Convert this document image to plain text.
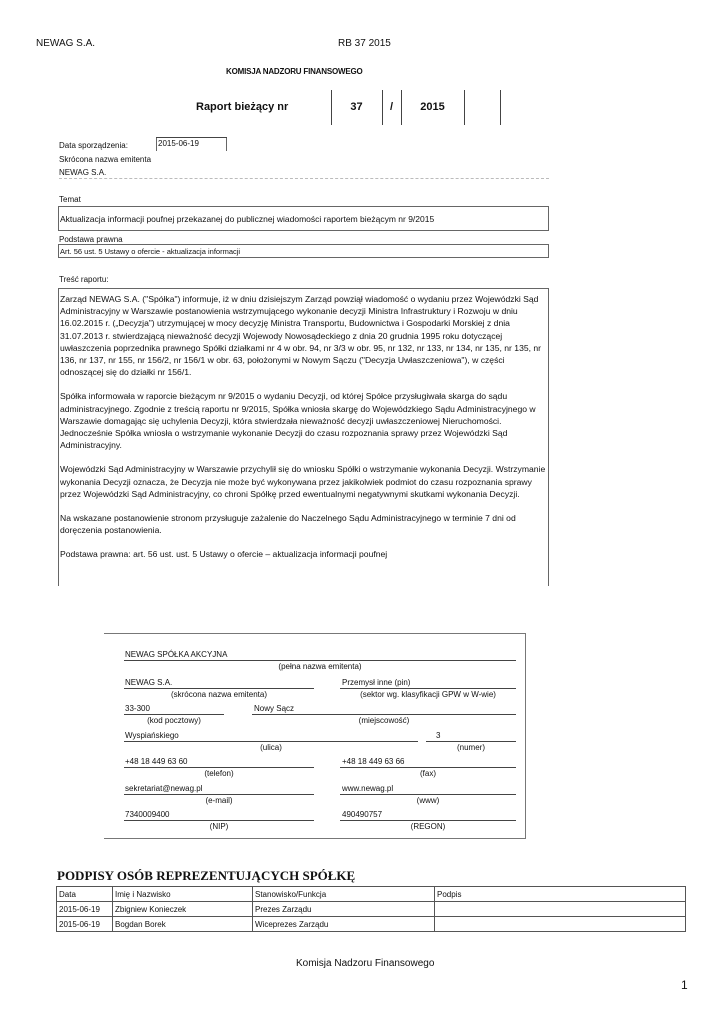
NEWAG S.A.	RB 37 2015
KOMISJA NADZORU FINANSOWEGO
Raport bieżący nr	37	/	2015
Data sporządzenia:	2015-06-19
Skrócona nazwa emitenta
NEWAG S.A.
Temat
Aktualizacja informacji poufnej przekazanej do publicznej wiadomości raportem bieżącym nr 9/2015
Podstawa prawna
Art. 56 ust. 5 Ustawy o ofercie - aktualizacja informacji
Treść raportu:

Zarząd NEWAG S.A. ("Spółka") informuje, iż w dniu dzisiejszym Zarząd powziął wiadomość o wydaniu przez Wojewódzki Sąd Administracyjny w Warszawie postanowienia wstrzymującego wykonanie decyzji Ministra Infrastruktury i Rozwoju w dniu 16.02.2015 r. („Decyzja”) utrzymującej w mocy decyzję Ministra Transportu, Budownictwa i Gospodarki Morskiej z dnia 31.07.2013 r. stwierdzającą nieważność decyzji Wojewody Nowosądeckiego z dnia 20 grudnia 1995 roku dotyczącej uwłaszczenia poprzednika prawnego Spółki działkami nr 4 w obr. 94, nr 3/3 w obr. 95, nr 132, nr 133, nr 134, nr 135, nr 135, nr 136, nr 137, nr 155, nr 156/2, nr 156/1 w obr. 63, położonymi w Nowym Sączu ("Decyzja Uwłaszczeniowa"), w części odnoszącej się do działki nr 156/1.

Spółka informowała w raporcie bieżącym nr 9/2015 o wydaniu Decyzji, od której Spółce przysługiwała skarga do sądu administracyjnego. Zgodnie z treścią raportu nr 9/2015, Spółka wniosła skargę do Wojewódzkiego Sądu Administracyjnego w Warszawie domagając się uchylenia Decyzji, która stwierdzała nieważność decyzji uwłaszczeniowej Nieruchomości. Jednocześnie Spółka wniosła o wstrzymanie wykonanie Decyzji do czasu rozpoznania sprawy przez Wojewódzki Sąd Administracyjny.

Wojewódzki Sąd Administracyjny w Warszawie przychylił się do wniosku Spółki o wstrzymanie wykonania Decyzji. Wstrzymanie wykonania Decyzji oznacza, że Decyzja nie może być wykonywana przez jakikolwiek podmiot do czasu rozpoznania sprawy przez Wojewódzki Sąd Administracyjny, co chroni Spółkę przed ewentualnymi negatywnymi skutkami wykonania Decyzji.

Na wskazane postanowienie stronom przysługuje zażalenie do Naczelnego Sądu Administracyjnego w terminie 7 dni od doręczenia postanowienia.

Podstawa prawna: art. 56 ust. ust. 5 Ustawy o ofercie – aktualizacja informacji poufnej

NEWAG SPÓŁKA AKCYJNA
(pełna nazwa emitenta)
NEWAG S.A.	Przemysł inne (pin)
(skrócona nazwa emitenta)	(sektor wg. klasyfikacji GPW w W-wie)
33-300	Nowy Sącz
(kod pocztowy)	(miejscowość)
Wyspiańskiego	3
(ulica)	(numer)
+48 18 449 63 60	+48 18 449 63 66
(telefon)	(fax)
sekretariat@newag.pl	www.newag.pl
(e-mail)	(www)
7340009400	490490757
(NIP)	(REGON)
PODPISY OSÓB REPREZENTUJĄCYCH SPÓŁKĘ
Data	Imię i Nazwisko	Stanowisko/Funkcja	Podpis
2015-06-19	Zbigniew Konieczek	Prezes Zarządu	
2015-06-19	Bogdan Borek	Wiceprezes Zarządu	
Komisja Nadzoru Finansowego
1
